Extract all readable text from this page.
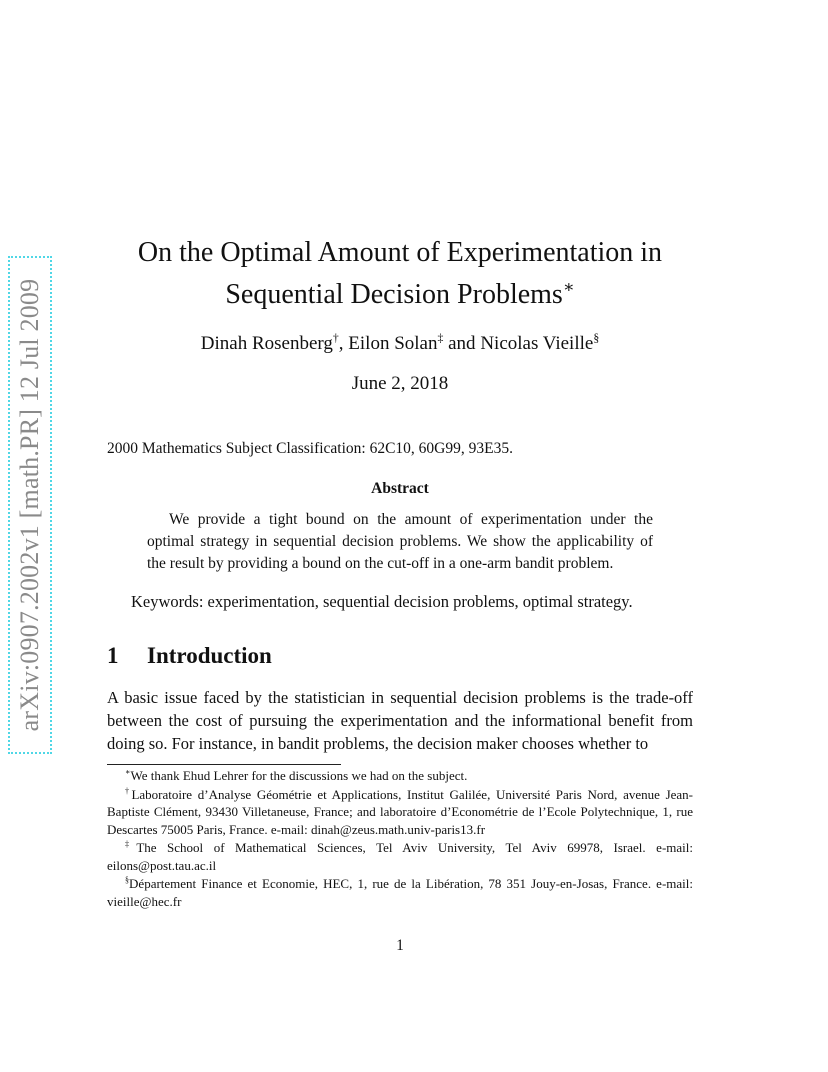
arXiv:0907.2002v1 [math.PR] 12 Jul 2009
On the Optimal Amount of Experimentation in
Sequential Decision Problems∗
Dinah Rosenberg†, Eilon Solan‡ and Nicolas Vieille§
June 2, 2018
2000 Mathematics Subject Classification: 62C10, 60G99, 93E35.
Abstract
We provide a tight bound on the amount of experimentation under the optimal strategy in sequential decision problems. We show the applicability of the result by providing a bound on the cut-off in a one-arm bandit problem.
Keywords: experimentation, sequential decision problems, optimal strategy.
1 Introduction
A basic issue faced by the statistician in sequential decision problems is the trade-off between the cost of pursuing the experimentation and the informational benefit from doing so. For instance, in bandit problems, the decision maker chooses whether to
∗We thank Ehud Lehrer for the discussions we had on the subject.
†Laboratoire d’Analyse Géométrie et Applications, Institut Galilée, Université Paris Nord, avenue Jean-Baptiste Clément, 93430 Villetaneuse, France; and laboratoire d’Econométrie de l’Ecole Polytechnique, 1, rue Descartes 75005 Paris, France. e-mail: dinah@zeus.math.univ-paris13.fr
‡The School of Mathematical Sciences, Tel Aviv University, Tel Aviv 69978, Israel. e-mail: eilons@post.tau.ac.il
§Département Finance et Economie, HEC, 1, rue de la Libération, 78 351 Jouy-en-Josas, France. e-mail: vieille@hec.fr
1
